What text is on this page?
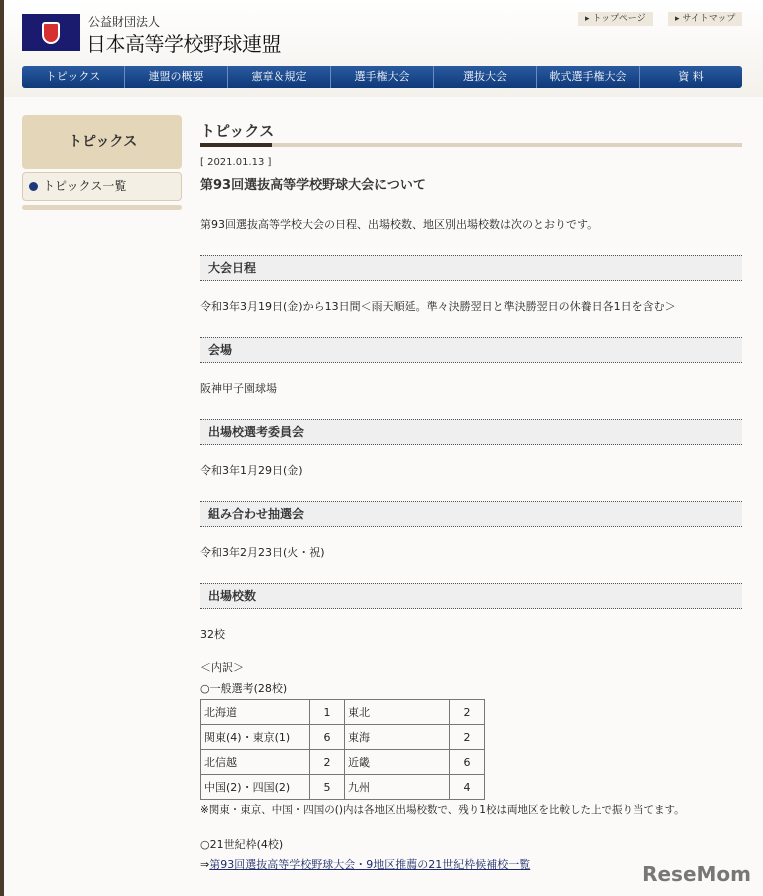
公益財団法人
日本高等学校野球連盟
▸ トップページ	▸ サイトマップ
トピックス	連盟の概要	憲章＆規定	選手権大会	選抜大会	軟式選手権大会	資 料
トピックス
トピックス一覧
トピックス
[ 2021.01.13 ]
第93回選抜高等学校野球大会について
第93回選抜高等学校大会の日程、出場校数、地区別出場校数は次のとおりです。
大会日程
令和3年3月19日(金)から13日間＜雨天順延。準々決勝翌日と準決勝翌日の休養日各1日を含む＞
会場
阪神甲子園球場
出場校選考委員会
令和3年1月29日(金)
組み合わせ抽選会
令和3年2月23日(火・祝)
出場校数
32校
＜内訳＞
○一般選考(28校)
北海道	1	東北	2
関東(4)・東京(1)	6	東海	2
北信越	2	近畿	6
中国(2)・四国(2)	5	九州	4
※関東・東京、中国・四国の()内は各地区出場校数で、残り1校は両地区を比較した上で振り当てます。
○21世紀枠(4校)
⇒第93回選抜高等学校野球大会・9地区推薦の21世紀枠候補校一覧	ReseMom
